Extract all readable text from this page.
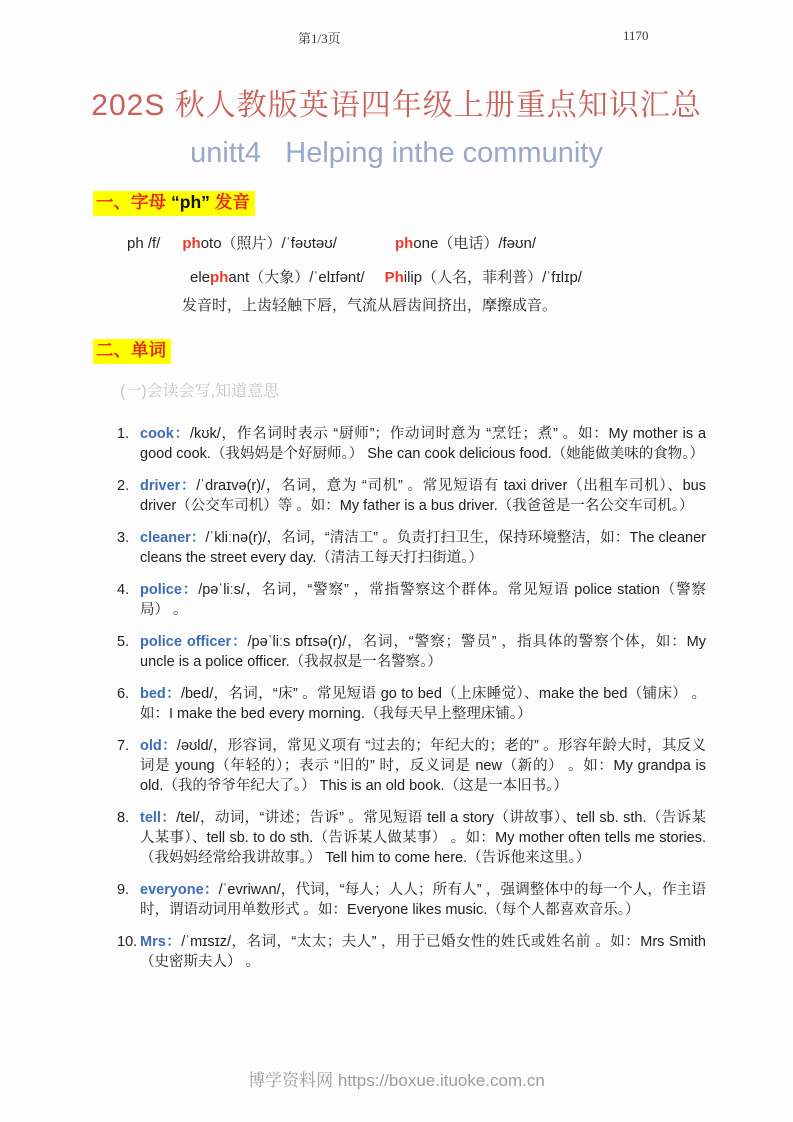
第1/3页	1170
202S 秋人教版英语四年级上册重点知识汇总
unitt4   Helping inthe community
一、字母 “ph” 发音
ph /f/ photo（照片）/ˈfəʊtəʊ/	phone（电话）/fəʊn/
elephant（大象）/ˈelɪfənt/ Philip（人名，菲利普）/ˈfɪlɪp/
发音时，上齿轻触下唇，气流从唇齿间挤出，摩擦成音。
二、单词
(一)会读会写,知道意思
1. cook：/kʊk/，作名词时表示 “厨师”；作动词时意为 “烹饪；煮” 。如：My mother is a good cook.（我妈妈是个好厨师。） She can cook delicious food.（她能做美味的食物。）
2. driver：/ˈdraɪvə(r)/，名词，意为 “司机” 。常见短语有 taxi driver（出租车司机）、bus driver（公交车司机）等 。如：My father is a bus driver.（我爸爸是一名公交车司机。）
3. cleaner：/ˈkliːnə(r)/，名词，“清洁工” 。负责打扫卫生，保持环境整洁，如：The cleaner cleans the street every day.（清洁工每天打扫街道。）
4. police：/pəˈliːs/，名词，“警察” ，常指警察这个群体。常见短语 police station（警察局） 。
5. police officer：/pəˈliːs ɒfɪsə(r)/，名词，“警察；警员” ，指具体的警察个体，如：My uncle is a police officer.（我叔叔是一名警察。）
6. bed：/bed/，名词，“床” 。常见短语 go to bed（上床睡觉）、make the bed（铺床） 。如：I make the bed every morning.（我每天早上整理床铺。）
7. old：/əʊld/，形容词，常见义项有 “过去的；年纪大的；老的” 。形容年龄大时，其反义词是 young（年轻的）；表示 “旧的” 时，反义词是 new（新的） 。如：My grandpa is old.（我的爷爷年纪大了。） This is an old book.（这是一本旧书。）
8. tell：/tel/，动词，“讲述；告诉” 。常见短语 tell a story（讲故事）、tell sb. sth.（告诉某人某事）、tell sb. to do sth.（告诉某人做某事） 。如：My mother often tells me stories.（我妈妈经常给我讲故事。） Tell him to come here.（告诉他来这里。）
9. everyone：/ˈevriwʌn/，代词，“每人；人人；所有人” ，强调整体中的每一个人，作主语时，谓语动词用单数形式 。如：Everyone likes music.（每个人都喜欢音乐。）
10. Mrs：/ˈmɪsɪz/，名词，“太太；夫人” ，用于已婚女性的姓氏或姓名前 。如：Mrs Smith（史密斯夫人） 。
博学资料网 https://boxue.ituoke.com.cn
